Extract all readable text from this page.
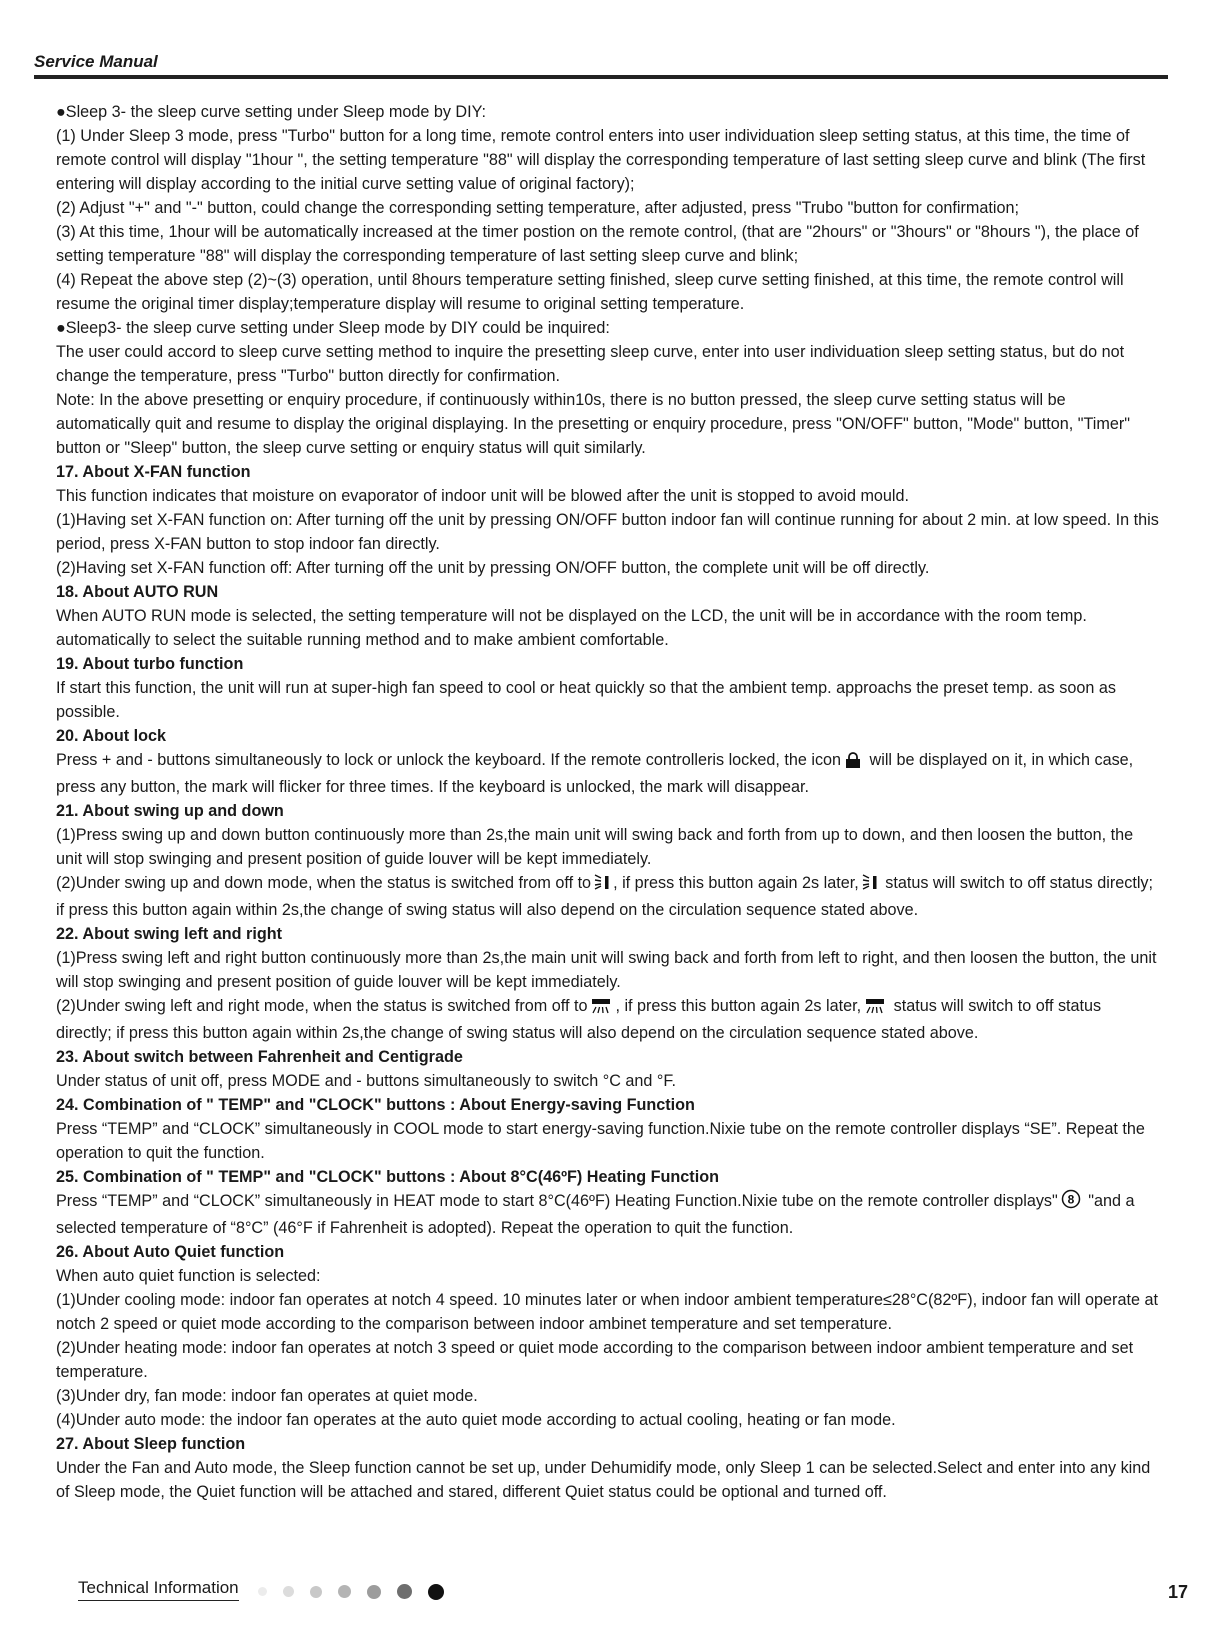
Service Manual

●Sleep 3- the sleep curve setting under Sleep mode by DIY:

(1) Under Sleep 3 mode, press "Turbo" button for a long time, remote control enters into user individuation sleep setting status, at this time, the time of remote control will display "1hour ", the setting temperature "88" will display the corresponding temperature of last setting sleep curve and blink (The first entering will display according to the initial curve setting value of original factory);

(2) Adjust "+" and "-" button, could change the corresponding setting temperature, after adjusted, press "Trubo "button for confirmation;

(3) At this time, 1hour will be automatically increased at the timer postion on the remote control, (that are "2hours" or "3hours" or "8hours "), the place of setting temperature "88" will display the corresponding temperature of last setting sleep curve and blink;

(4) Repeat the above step (2)~(3) operation, until 8hours temperature setting finished, sleep curve setting finished, at this time, the remote control will resume the original timer display;temperature display will resume to original setting temperature.

●Sleep3- the sleep curve setting under Sleep mode by DIY could be inquired:

The user could accord to sleep curve setting method to inquire the presetting sleep curve, enter into user individuation sleep setting status, but do not change the temperature, press "Turbo" button directly for confirmation.

Note: In the above presetting or enquiry procedure, if continuously within10s, there is no button pressed, the sleep curve setting status will be automatically quit and resume to display the original displaying. In the presetting or enquiry procedure, press "ON/OFF" button, "Mode" button, "Timer" button or "Sleep" button, the sleep curve setting or enquiry status will quit similarly.

17. About X-FAN function

This function indicates that moisture on evaporator of indoor unit will be blowed after the unit is stopped to avoid mould.

(1)Having set X-FAN function on: After turning off the unit by pressing ON/OFF button indoor fan will continue running for about 2 min. at low speed. In this period, press X-FAN button to stop indoor fan directly.

(2)Having set X-FAN function off: After turning off the unit by pressing ON/OFF button, the complete unit will be off directly.

18. About AUTO RUN

When AUTO RUN mode is selected, the setting temperature will not be displayed on the LCD, the unit will be in accordance with the room temp. automatically to select the suitable running method and to make ambient comfortable.

19. About turbo function

If start this function, the unit will run at super-high fan speed to cool or heat quickly so that the ambient temp. approachs the preset temp. as soon as possible.

20. About lock

Press + and - buttons simultaneously to lock or unlock the keyboard. If the remote controlleris locked, the icon will be displayed on it, in which case, press any button, the mark will flicker for three times. If the keyboard is unlocked, the mark will disappear.

21. About swing up and down

(1)Press swing up and down button continuously more than 2s,the main unit will swing back and forth from up to down, and then loosen the button, the unit will stop swinging and present position of guide louver will be kept immediately.

(2)Under swing up and down mode, when the status is switched from off to , if press this button again 2s later, status will switch to off status directly; if press this button again within 2s,the change of swing status will also depend on the circulation sequence stated above.

22. About swing left and right

(1)Press swing left and right button continuously more than 2s,the main unit will swing back and forth from left to right, and then loosen the button, the unit will stop swinging and present position of guide louver will be kept immediately.

(2)Under swing left and right mode, when the status is switched from off to , if press this button again 2s later, status will switch to off status directly; if press this button again within 2s,the change of swing status will also depend on the circulation sequence stated above.

23. About switch between Fahrenheit and Centigrade

Under status of unit off, press MODE and - buttons simultaneously to switch °C and °F.

24. Combination of " TEMP" and "CLOCK" buttons : About Energy-saving Function

Press “TEMP” and “CLOCK” simultaneously in COOL mode to start energy-saving function.Nixie tube on the remote controller displays “SE”. Repeat the operation to quit the function.

25. Combination of " TEMP" and "CLOCK" buttons : About 8°C(46ºF) Heating Function

Press “TEMP” and “CLOCK” simultaneously in HEAT mode to start 8°C(46ºF) Heating Function.Nixie tube on the remote controller displays" 8 "and a selected temperature of “8°C” (46°F if Fahrenheit is adopted). Repeat the operation to quit the function.

26. About Auto Quiet function

When auto quiet function is selected:

(1)Under cooling mode: indoor fan operates at notch 4 speed. 10 minutes later or when indoor ambient temperature≤28°C(82ºF), indoor fan will operate at notch 2 speed or quiet mode according to the comparison between indoor ambinet temperature and set temperature.

(2)Under heating mode: indoor fan operates at notch 3 speed or quiet mode according to the comparison between indoor ambient temperature and set temperature.

(3)Under dry, fan mode: indoor fan operates at quiet mode.

(4)Under auto mode: the indoor fan operates at the auto quiet mode according to actual cooling, heating or fan mode.

27. About Sleep function

Under the Fan and Auto mode, the Sleep function cannot be set up, under Dehumidify mode, only Sleep 1 can be selected.Select and enter into any kind of Sleep mode, the Quiet function will be attached and stared, different Quiet status could be optional and turned off.

Technical Information	17
